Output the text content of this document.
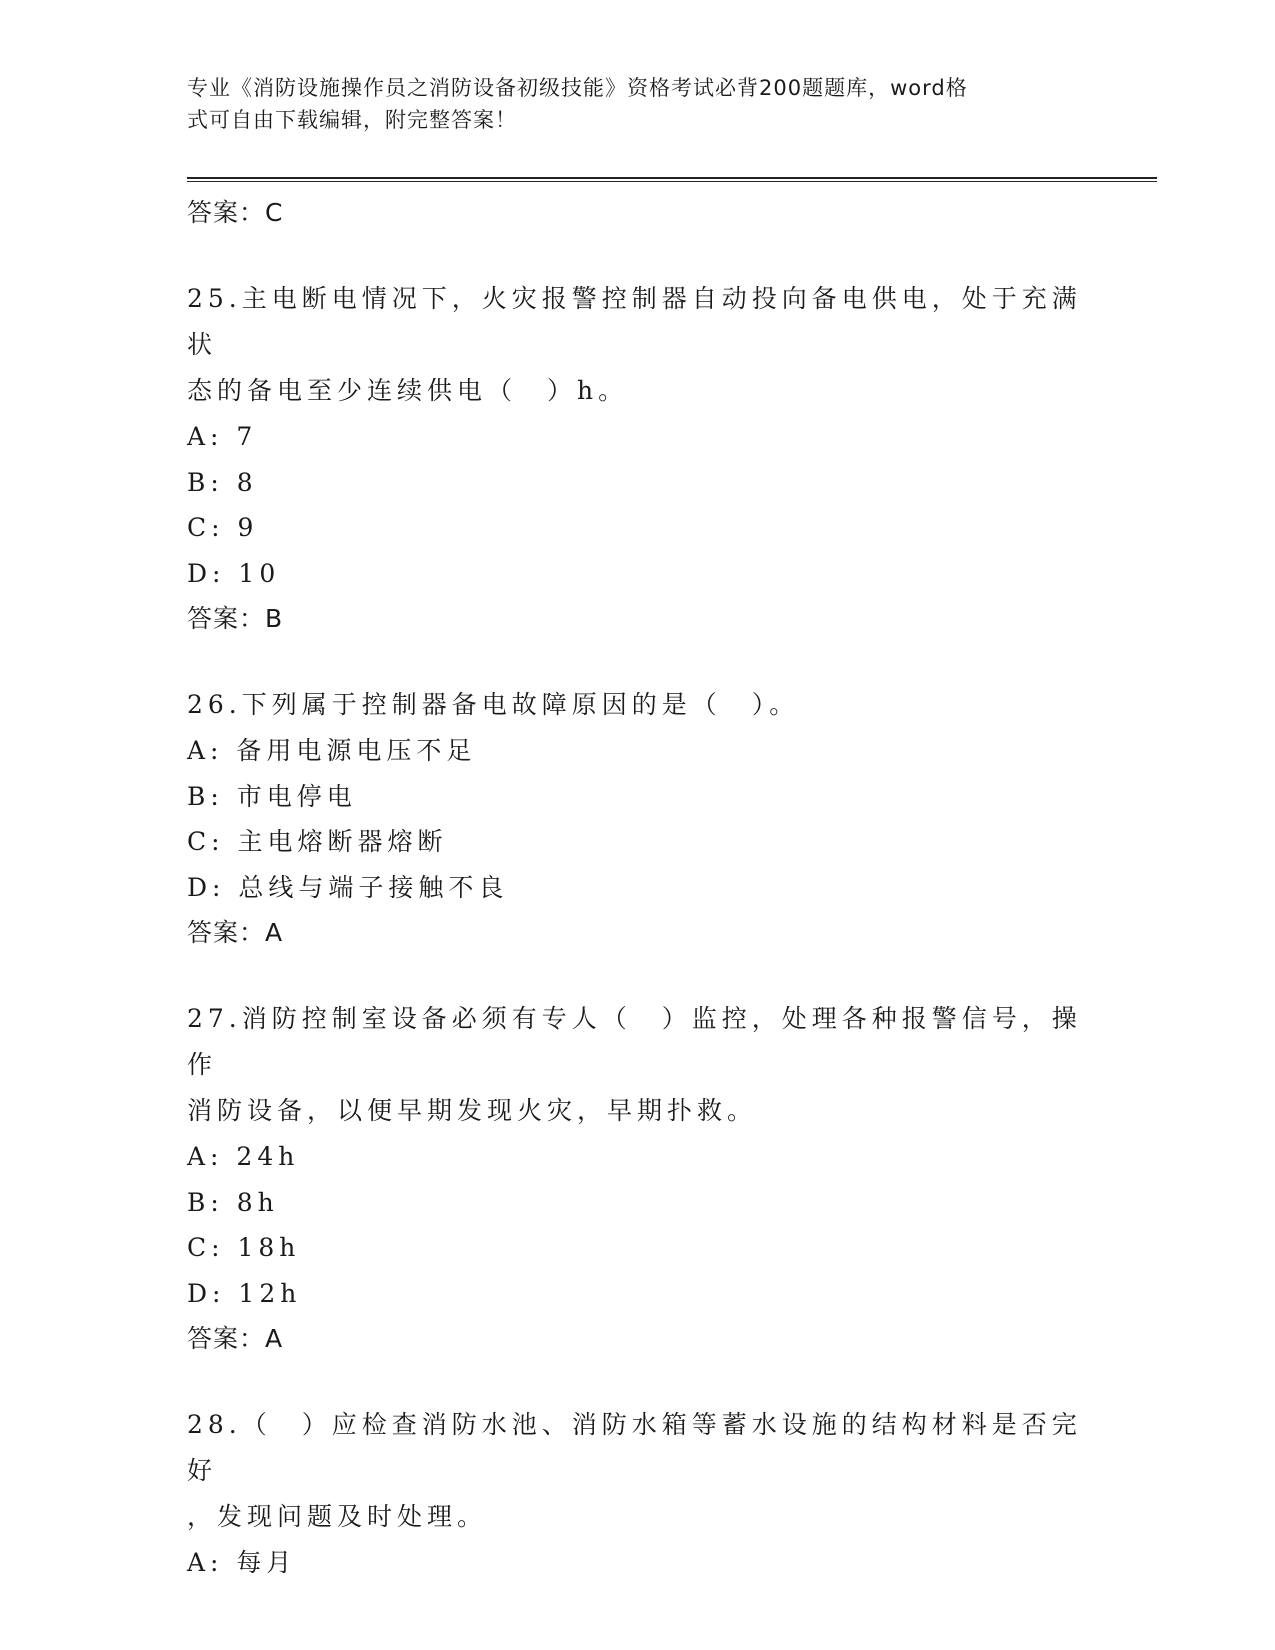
专业《消防设施操作员之消防设备初级技能》资格考试必背200题题库，word格
式可自由下载编辑，附完整答案！
答案：C
25.主电断电情况下，火灾报警控制器自动投向备电供电，处于充满状
态的备电至少连续供电（　）h。
A: 7
B: 8
C: 9
D: 10
答案：B
26.下列属于控制器备电故障原因的是（　）。
A: 备用电源电压不足
B: 市电停电
C: 主电熔断器熔断
D: 总线与端子接触不良
答案：A
27.消防控制室设备必须有专人（　）监控，处理各种报警信号，操作
消防设备，以便早期发现火灾，早期扑救。
A: 24h
B: 8h
C: 18h
D: 12h
答案：A
28.（　）应检查消防水池、消防水箱等蓄水设施的结构材料是否完好
，发现问题及时处理。
A: 每月
